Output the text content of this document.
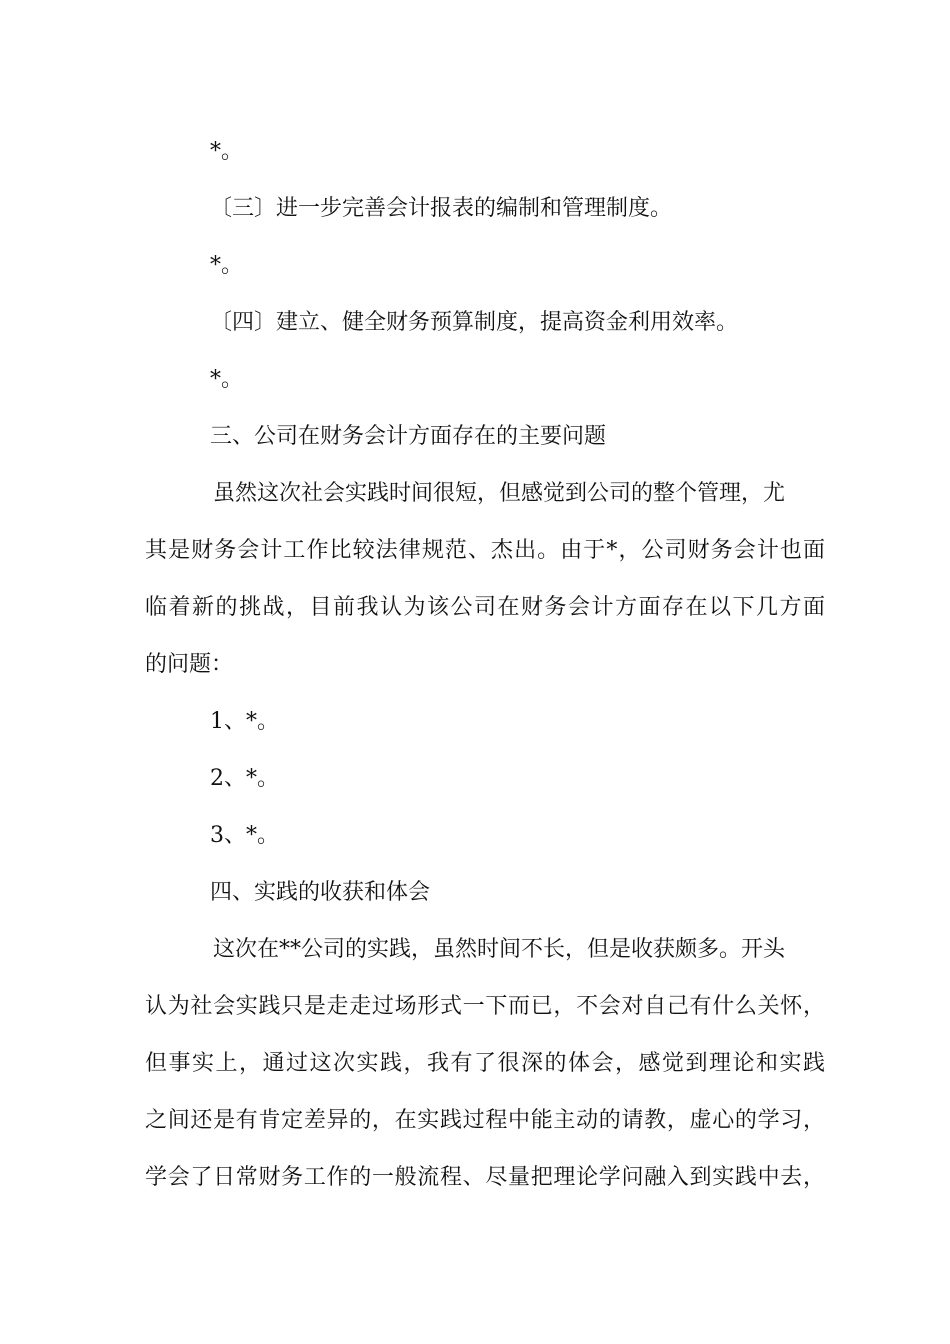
*。
〔三〕进一步完善会计报表的编制和管理制度。
*。
〔四〕建立、健全财务预算制度，提高资金利用效率。
*。
三、公司在财务会计方面存在的主要问题
虽然这次社会实践时间很短，但感觉到公司的整个管理，尤
其是财务会计工作比较法律规范、杰出。由于*，公司财务会计也面
临着新的挑战，目前我认为该公司在财务会计方面存在以下几方面
的问题：
1、*。
2、*。
3、*。
四、实践的收获和体会
这次在**公司的实践，虽然时间不长，但是收获颇多。开头
认为社会实践只是走走过场形式一下而已，不会对自己有什么关怀，
但事实上，通过这次实践，我有了很深的体会，感觉到理论和实践
之间还是有肯定差异的，在实践过程中能主动的请教，虚心的学习，
学会了日常财务工作的一般流程、尽量把理论学问融入到实践中去，
